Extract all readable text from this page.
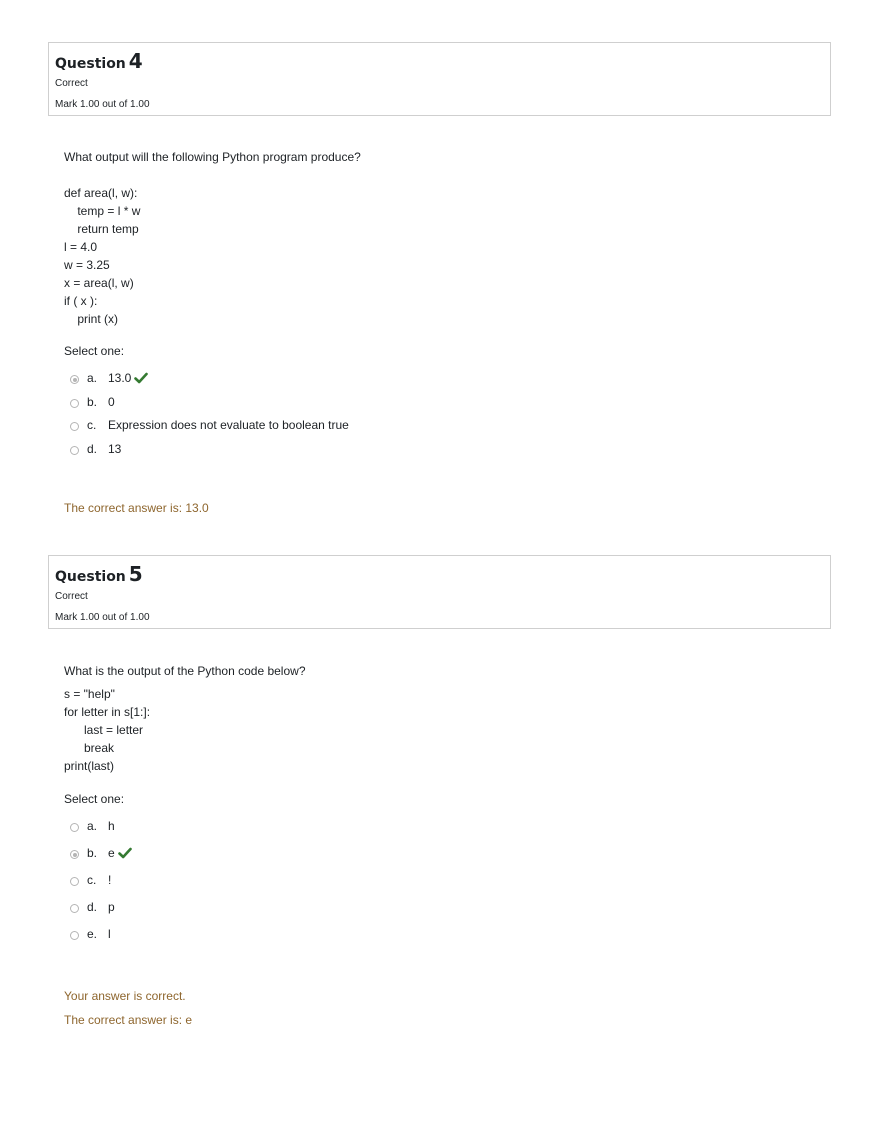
Question 4
Correct
Mark 1.00 out of 1.00
What output will the following Python program produce?
def area(l, w):
temp = l * w
return temp
l = 4.0
w = 3.25
x = area(l, w)
if ( x ):
print (x)
Select one:
a. 13.0
b. 0
c. Expression does not evaluate to boolean true
d. 13
The correct answer is: 13.0
Question 5
Correct
Mark 1.00 out of 1.00
What is the output of the Python code below?
s = "help"
for letter in s[1:]:
last = letter
break
print(last)
Select one:
a. h
b. e
c. !
d. p
e. l
Your answer is correct.
The correct answer is: e
